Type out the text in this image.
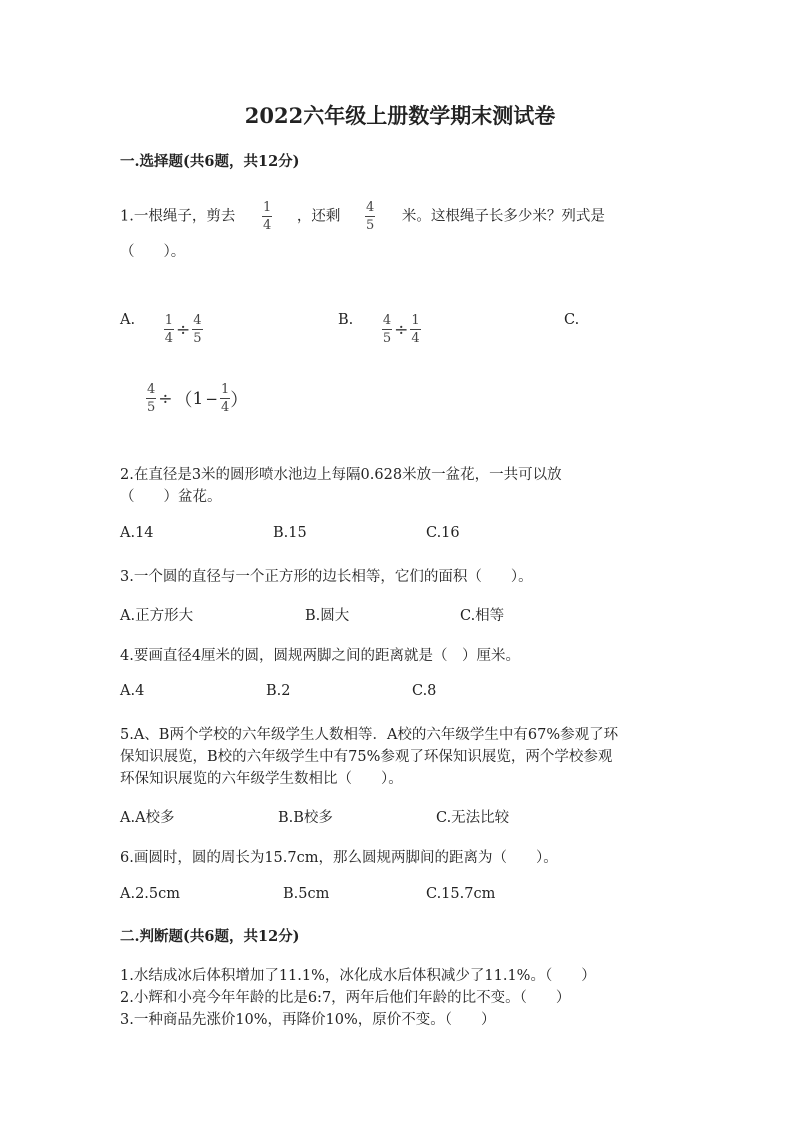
2022六年级上册数学期末测试卷
一.选择题(共6题，共12分)
1.一根绳子，剪去 $\frac{1}{4}$ ，还剩 $\frac{4}{5}$ 米。这根绳子长多少米？列式是
（　　）。
A. $\frac{1}{4} \div \frac{4}{5}$	B. $\frac{4}{5} \div \frac{1}{4}$	C.
$\frac{4}{5}$ ÷ （ $1 - \frac{1}{4}$ ）
2.在直径是3米的圆形喷水池边上每隔0.628米放一盆花，一共可以放
（　　）盆花。
A.14	B.15	C.16
3.一个圆的直径与一个正方形的边长相等，它们的面积（　　）。
A.正方形大	B.圆大	C.相等
4.要画直径4厘米的圆，圆规两脚之间的距离就是（　）厘米。
A.4	B.2	C.8
5.A、B两个学校的六年级学生人数相等．A校的六年级学生中有67%参观了环
保知识展览，B校的六年级学生中有75%参观了环保知识展览，两个学校参观
环保知识展览的六年级学生数相比（　　）。
A.A校多	B.B校多	C.无法比较
6.画圆时，圆的周长为15.7cm，那么圆规两脚间的距离为（　　）。
A.2.5cm	B.5cm	C.15.7cm
二.判断题(共6题，共12分)
1.水结成冰后体积增加了11.1%，冰化成水后体积减少了11.1%。（　　）
2.小辉和小亮今年年龄的比是6:7，两年后他们年龄的比不变。（　　）
3.一种商品先涨价10%，再降价10%，原价不变。（　　）
